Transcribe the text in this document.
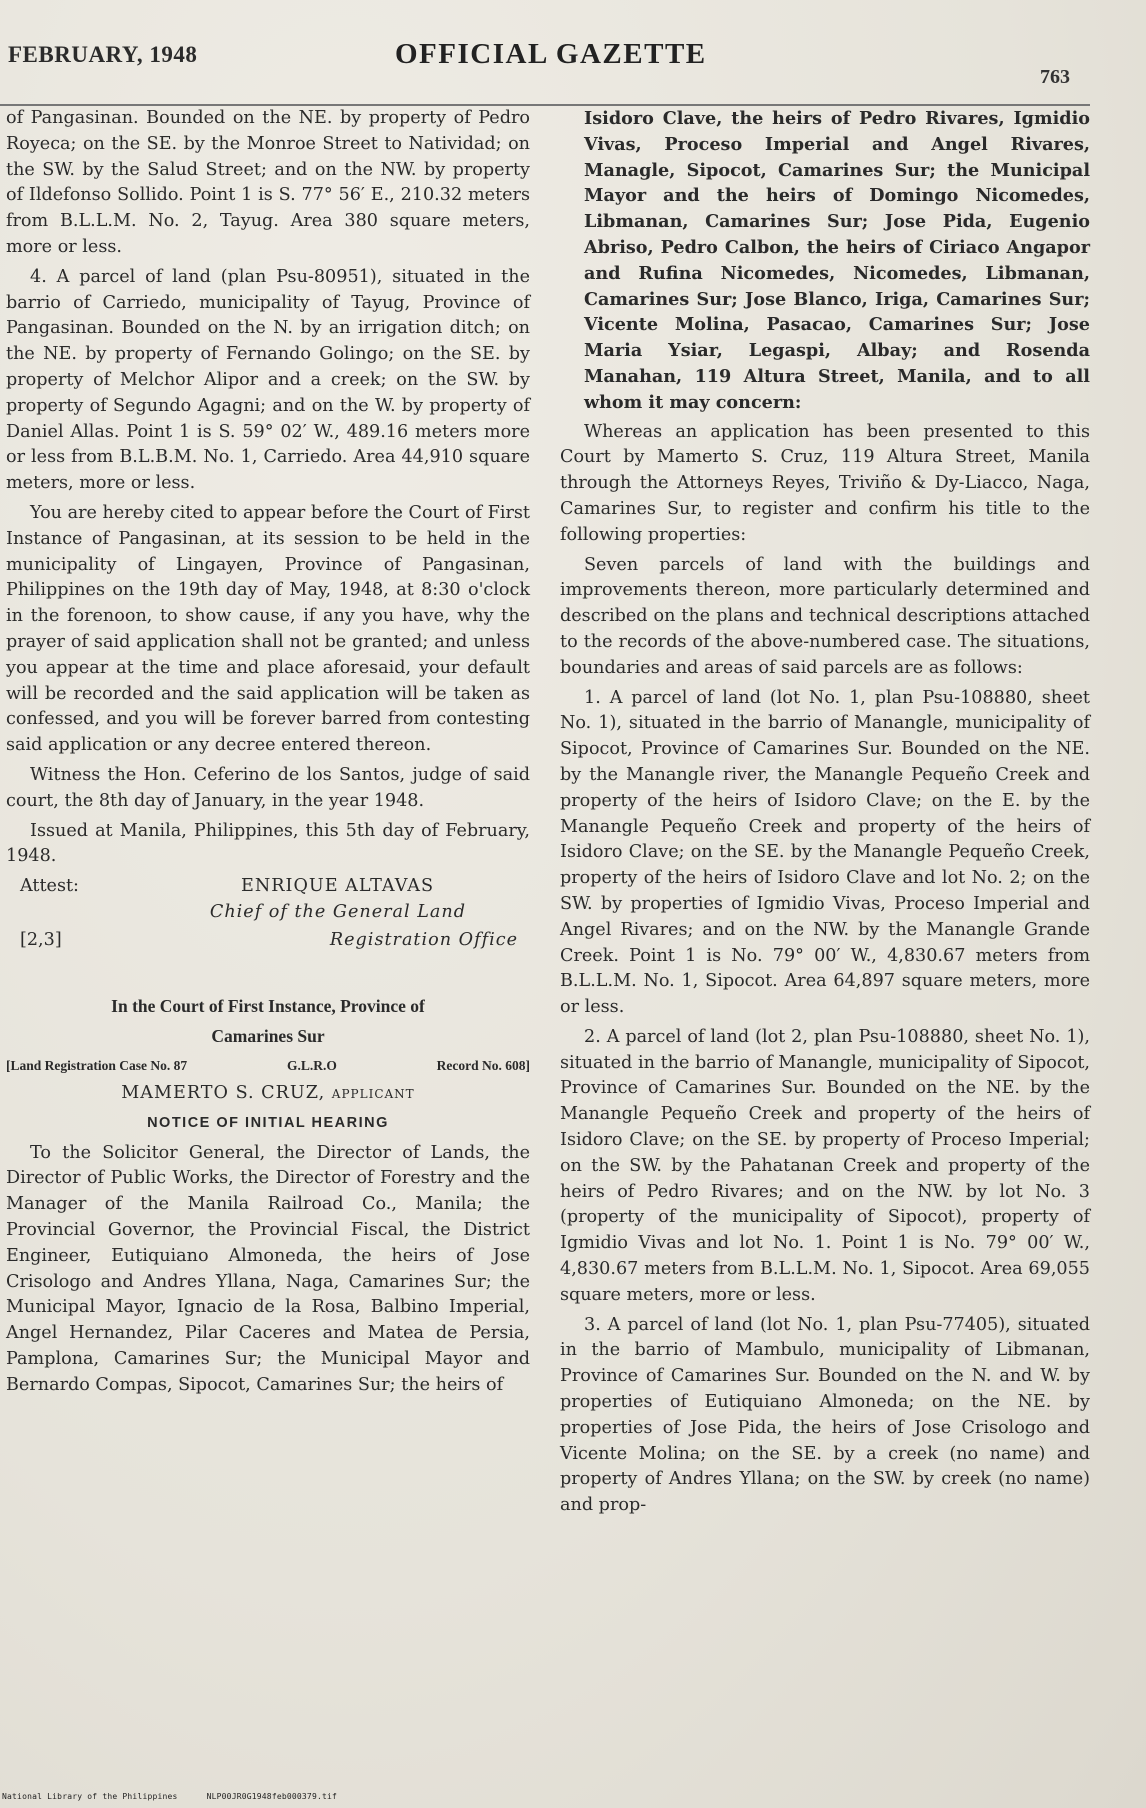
FEBRUARY, 1948	OFFICIAL GAZETTE
763

of Pangasinan. Bounded on the NE. by property of Pedro Royeca; on the SE. by the Monroe Street to Natividad; on the SW. by the Salud Street; and on the NW. by property of Ildefonso Sollido. Point 1 is S. 77° 56′ E., 210.32 meters from B.L.L.M. No. 2, Tayug. Area 380 square meters, more or less.

4. A parcel of land (plan Psu-80951), situated in the barrio of Carriedo, municipality of Tayug, Province of Pangasinan. Bounded on the N. by an irrigation ditch; on the NE. by property of Fernando Golingo; on the SE. by property of Melchor Alipor and a creek; on the SW. by property of Segundo Agagni; and on the W. by property of Daniel Allas. Point 1 is S. 59° 02′ W., 489.16 meters more or less from B.L.B.M. No. 1, Carriedo. Area 44,910 square meters, more or less.

You are hereby cited to appear before the Court of First Instance of Pangasinan, at its session to be held in the municipality of Lingayen, Province of Pangasinan, Philippines on the 19th day of May, 1948, at 8:30 o'clock in the forenoon, to show cause, if any you have, why the prayer of said application shall not be granted; and unless you appear at the time and place aforesaid, your default will be recorded and the said application will be taken as confessed, and you will be forever barred from contesting said application or any decree entered thereon.

Witness the Hon. Ceferino de los Santos, judge of said court, the 8th day of January, in the year 1948.

Issued at Manila, Philippines, this 5th day of February, 1948.

Attest:	ENRIQUE ALTAVAS

Chief of the General Land

[2,3]	Registration Office

In the Court of First Instance, Province of

Camarines Sur

[Land Registration Case No. 87	G.L.R.O	Record No. 608]

MAMERTO S. CRUZ, applicant

NOTICE OF INITIAL HEARING

To the Solicitor General, the Director of Lands, the Director of Public Works, the Director of Forestry and the Manager of the Manila Railroad Co., Manila; the Provincial Governor, the Provincial Fiscal, the District Engineer, Eutiquiano Almoneda, the heirs of Jose Crisologo and Andres Yllana, Naga, Camarines Sur; the Municipal Mayor, Ignacio de la Rosa, Balbino Imperial, Angel Hernandez, Pilar Caceres and Matea de Persia, Pamplona, Camarines Sur; the Municipal Mayor and Bernardo Compas, Sipocot, Camarines Sur; the heirs of

Isidoro Clave, the heirs of Pedro Rivares, Igmidio Vivas, Proceso Imperial and Angel Rivares, Managle, Sipocot, Camarines Sur; the Municipal Mayor and the heirs of Domingo Nicomedes, Libmanan, Camarines Sur; Jose Pida, Eugenio Abriso, Pedro Calbon, the heirs of Ciriaco Angapor and Rufina Nicomedes, Nicomedes, Libmanan, Camarines Sur; Jose Blanco, Iriga, Camarines Sur; Vicente Molina, Pasacao, Camarines Sur; Jose Maria Ysiar, Legaspi, Albay; and Rosenda Manahan, 119 Altura Street, Manila, and to all whom it may concern:

Whereas an application has been presented to this Court by Mamerto S. Cruz, 119 Altura Street, Manila through the Attorneys Reyes, Triviño & Dy-Liacco, Naga, Camarines Sur, to register and confirm his title to the following properties:

Seven parcels of land with the buildings and improvements thereon, more particularly determined and described on the plans and technical descriptions attached to the records of the above-numbered case. The situations, boundaries and areas of said parcels are as follows:

1. A parcel of land (lot No. 1, plan Psu-108880, sheet No. 1), situated in the barrio of Manangle, municipality of Sipocot, Province of Camarines Sur. Bounded on the NE. by the Manangle river, the Manangle Pequeño Creek and property of the heirs of Isidoro Clave; on the E. by the Manangle Pequeño Creek and property of the heirs of Isidoro Clave; on the SE. by the Manangle Pequeño Creek, property of the heirs of Isidoro Clave and lot No. 2; on the SW. by properties of Igmidio Vivas, Proceso Imperial and Angel Rivares; and on the NW. by the Manangle Grande Creek. Point 1 is No. 79° 00′ W., 4,830.67 meters from B.L.L.M. No. 1, Sipocot. Area 64,897 square meters, more or less.

2. A parcel of land (lot 2, plan Psu-108880, sheet No. 1), situated in the barrio of Manangle, municipality of Sipocot, Province of Camarines Sur. Bounded on the NE. by the Manangle Pequeño Creek and property of the heirs of Isidoro Clave; on the SE. by property of Proceso Imperial; on the SW. by the Pahatanan Creek and property of the heirs of Pedro Rivares; and on the NW. by lot No. 3 (property of the municipality of Sipocot), property of Igmidio Vivas and lot No. 1. Point 1 is No. 79° 00′ W., 4,830.67 meters from B.L.L.M. No. 1, Sipocot. Area 69,055 square meters, more or less.

3. A parcel of land (lot No. 1, plan Psu-77405), situated in the barrio of Mambulo, municipality of Libmanan, Province of Camarines Sur. Bounded on the N. and W. by properties of Eutiquiano Almoneda; on the NE. by properties of Jose Pida, the heirs of Jose Crisologo and Vicente Molina; on the SE. by a creek (no name) and property of Andres Yllana; on the SW. by creek (no name) and prop-

National Library of the Philippines	NLP00JR0G1948feb000379.tif
